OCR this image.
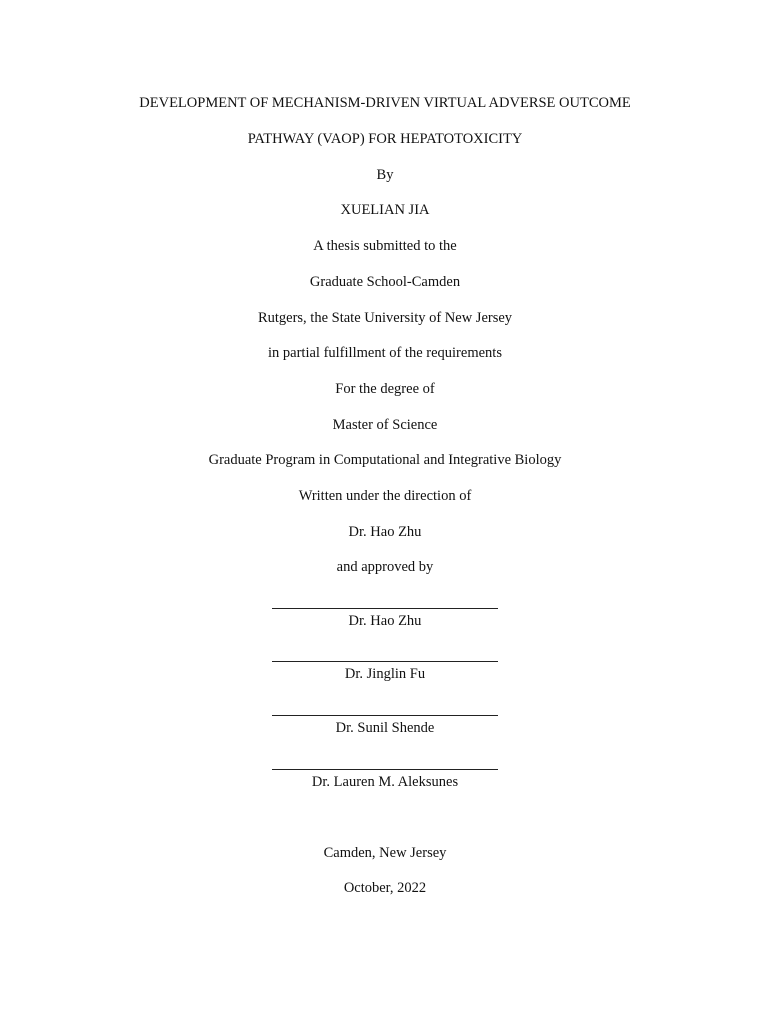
DEVELOPMENT OF MECHANISM-DRIVEN VIRTUAL ADVERSE OUTCOME
PATHWAY (VAOP) FOR HEPATOTOXICITY
By
XUELIAN JIA
A thesis submitted to the
Graduate School-Camden
Rutgers, the State University of New Jersey
in partial fulfillment of the requirements
For the degree of
Master of Science
Graduate Program in Computational and Integrative Biology
Written under the direction of
Dr. Hao Zhu
and approved by
Dr. Hao Zhu
Dr. Jinglin Fu
Dr. Sunil Shende
Dr. Lauren M. Aleksunes
Camden, New Jersey
October, 2022
